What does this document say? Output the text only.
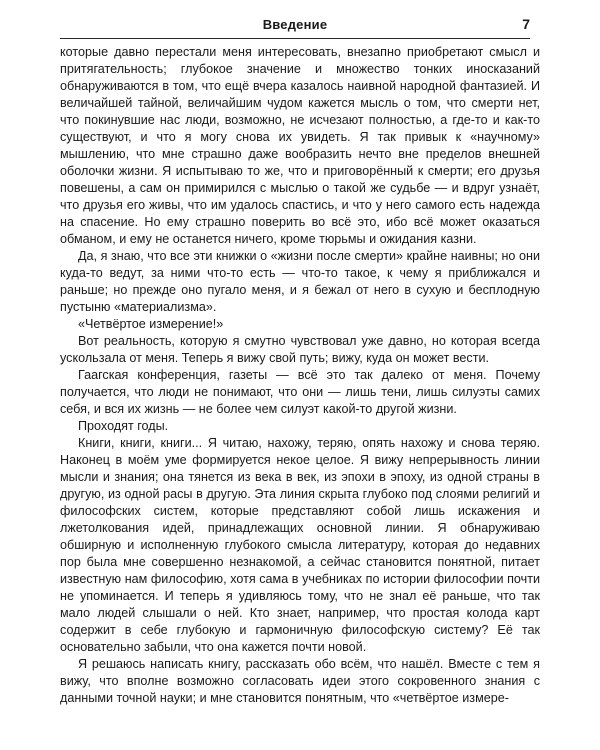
Введение	7

которые давно перестали меня интересовать, внезапно приобретают смысл и притягательность; глубокое значение и множество тонких иносказаний обнаруживаются в том, что ещё вчера казалось наивной народной фантазией. И величайшей тайной, величайшим чудом кажется мысль о том, что смерти нет, что покинувшие нас люди, возможно, не исчезают полностью, а где-то и как-то существуют, и что я могу снова их увидеть. Я так привык к «научному» мышлению, что мне страшно даже вообразить нечто вне пределов внешней оболочки жизни. Я испытываю то же, что и приговорённый к смерти; его друзья повешены, а сам он примирился с мыслью о такой же судьбе — и вдруг узнаёт, что друзья его живы, что им удалось спастись, и что у него самого есть надежда на спасение. Но ему страшно поверить во всё это, ибо всё может оказаться обманом, и ему не останется ничего, кроме тюрьмы и ожидания казни.

Да, я знаю, что все эти книжки о «жизни после смерти» крайне наивны; но они куда-то ведут, за ними что-то есть — что-то такое, к чему я приближался и раньше; но прежде оно пугало меня, и я бежал от него в сухую и бесплодную пустыню «материализма».

«Четвёртое измерение!»

Вот реальность, которую я смутно чувствовал уже давно, но которая всегда ускользала от меня. Теперь я вижу свой путь; вижу, куда он может вести.

Гаагская конференция, газеты — всё это так далеко от меня. Почему получается, что люди не понимают, что они — лишь тени, лишь силуэты самих себя, и вся их жизнь — не более чем силуэт какой-то другой жизни.

Проходят годы.

Книги, книги, книги... Я читаю, нахожу, теряю, опять нахожу и снова теряю. Наконец в моём уме формируется некое целое. Я вижу непрерывность линии мысли и знания; она тянется из века в век, из эпохи в эпоху, из одной страны в другую, из одной расы в другую. Эта линия скрыта глубоко под слоями религий и философских систем, которые представляют собой лишь искажения и лжетолкования идей, принадлежащих основной линии. Я обнаруживаю обширную и исполненную глубокого смысла литературу, которая до недавних пор была мне совершенно незнакомой, а сейчас становится понятной, питает известную нам философию, хотя сама в учебниках по истории философии почти не упоминается. И теперь я удивляюсь тому, что не знал её раньше, что так мало людей слышали о ней. Кто знает, например, что простая колода карт содержит в себе глубокую и гармоничную философскую систему? Её так основательно забыли, что она кажется почти новой.

Я решаюсь написать книгу, рассказать обо всём, что нашёл. Вместе с тем я вижу, что вполне возможно согласовать идеи этого сокровенного знания с данными точной науки; и мне становится понятным, что «четвёртое измере-
